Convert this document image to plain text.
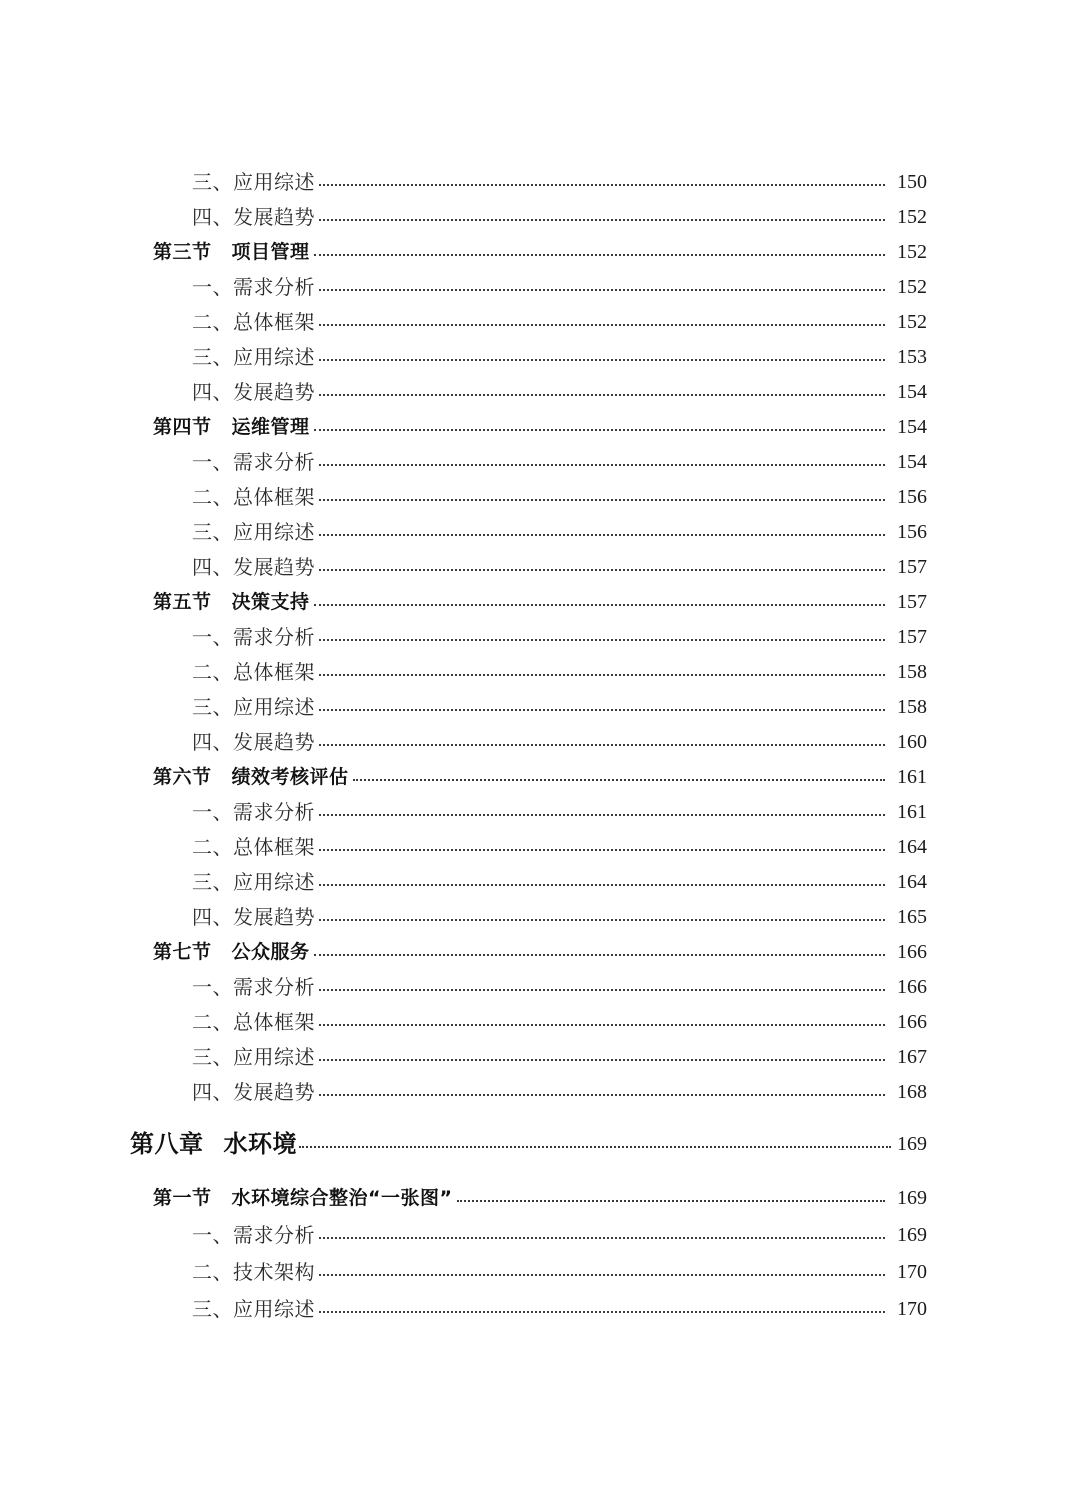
三、应用综述	150
四、发展趋势	152
第三节 项目管理	152
一、需求分析	152
二、总体框架	152
三、应用综述	153
四、发展趋势	154
第四节 运维管理	154
一、需求分析	154
二、总体框架	156
三、应用综述	156
四、发展趋势	157
第五节 决策支持	157
一、需求分析	157
二、总体框架	158
三、应用综述	158
四、发展趋势	160
第六节 绩效考核评估	161
一、需求分析	161
二、总体框架	164
三、应用综述	164
四、发展趋势	165
第七节 公众服务	166
一、需求分析	166
二、总体框架	166
三、应用综述	167
四、发展趋势	168
第八章 水环境	169
第一节 水环境综合整治“一张图”	169
一、需求分析	169
二、技术架构	170
三、应用综述	170
